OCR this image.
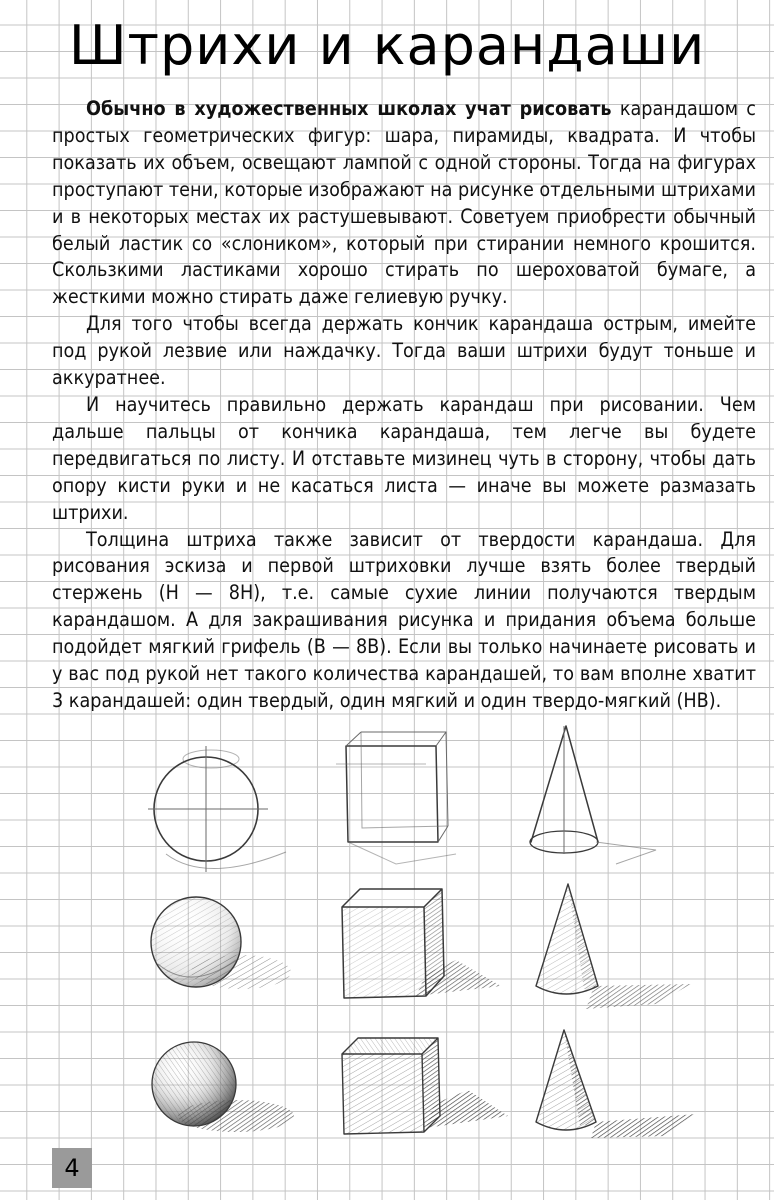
Штрихи и карандаши

Обычно в художественных школах учат рисовать карандашом с простых геометрических фигур: шара, пирамиды, квадрата. И чтобы показать их объем, освещают лампой с одной стороны. Тогда на фигурах проступают тени, которые изображают на рисунке отдельными штрихами и в некоторых местах их растушевывают. Советуем приобрести обычный белый ластик со «слоником», который при стирании немного крошится. Скользкими ластиками хорошо стирать по шероховатой бумаге, а жесткими можно стирать даже гелиевую ручку.

Для того чтобы всегда держать кончик карандаша острым, имейте под рукой лезвие или наждачку. Тогда ваши штрихи будут тоньше и аккуратнее.

И научитесь правильно держать карандаш при рисовании. Чем дальше пальцы от кончика карандаша, тем легче вы будете передвигаться по листу. И отставьте мизинец чуть в сторону, чтобы дать опору кисти руки и не касаться листа — иначе вы можете размазать штрихи.

Толщина штриха также зависит от твердости карандаша. Для рисования эскиза и первой штриховки лучше взять более твердый стержень (H — 8H), т.е. самые сухие линии получаются твердым карандашом. А для закрашивания рисунка и придания объема больше подойдет мягкий грифель (B — 8B). Если вы только начинаете рисовать и у вас под рукой нет такого количества карандашей, то вам вполне хватит 3 карандашей: один твердый, один мягкий и один твердо-мягкий (HB).

4
